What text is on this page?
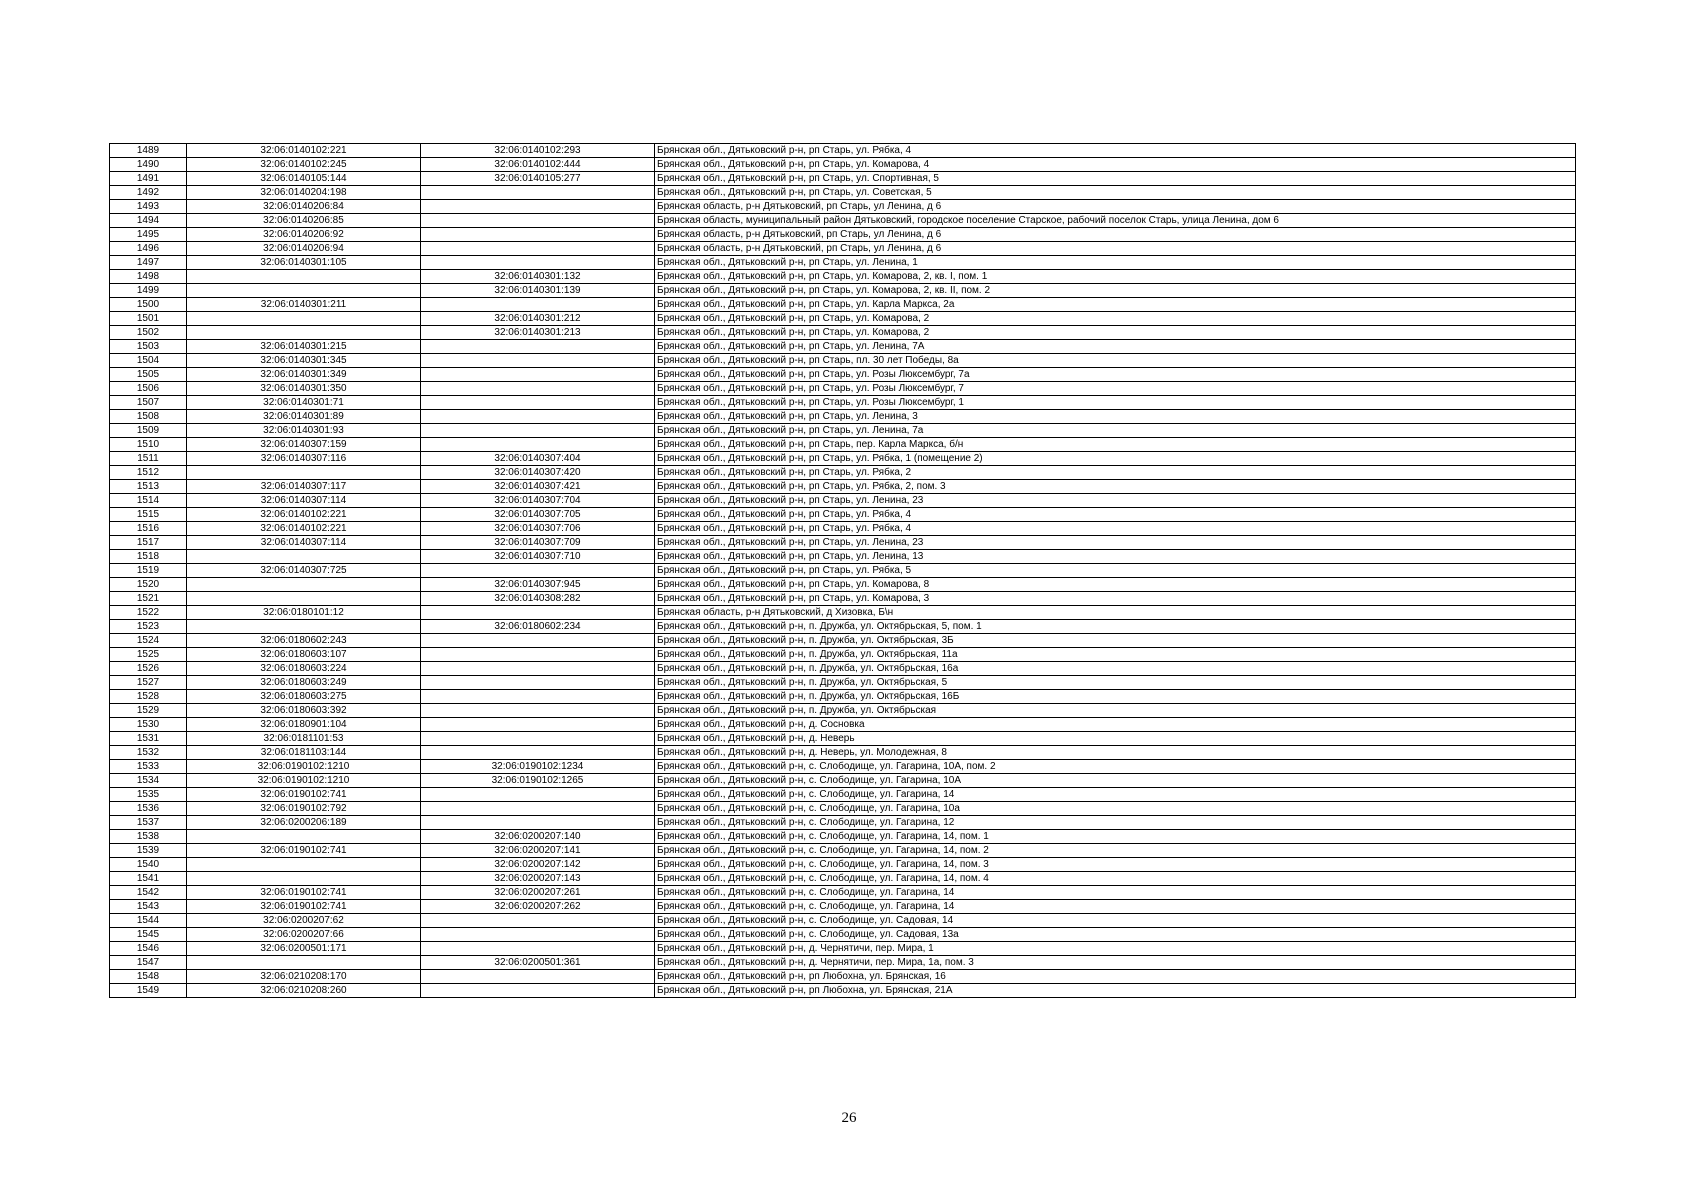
1489	32:06:0140102:221	32:06:0140102:293	Брянская обл., Дятьковский р-н, рп Старь, ул. Рябка, 4
1490	32:06:0140102:245	32:06:0140102:444	Брянская обл., Дятьковский р-н, рп Старь, ул. Комарова, 4
1491	32:06:0140105:144	32:06:0140105:277	Брянская обл., Дятьковский р-н, рп Старь, ул. Спортивная, 5
1492	32:06:0140204:198		Брянская обл., Дятьковский р-н, рп Старь, ул. Советская, 5
1493	32:06:0140206:84		Брянская область, р-н Дятьковский, рп Старь, ул Ленина, д 6
1494	32:06:0140206:85		Брянская область, муниципальный район Дятьковский, городское поселение Старское, рабочий поселок Старь, улица Ленина, дом 6
1495	32:06:0140206:92		Брянская область, р-н Дятьковский, рп Старь, ул Ленина, д 6
1496	32:06:0140206:94		Брянская область, р-н Дятьковский, рп Старь, ул Ленина, д 6
1497	32:06:0140301:105		Брянская обл., Дятьковский р-н, рп Старь, ул. Ленина, 1
1498		32:06:0140301:132	Брянская обл., Дятьковский р-н, рп Старь, ул. Комарова, 2, кв. I, пом. 1
1499		32:06:0140301:139	Брянская обл., Дятьковский р-н, рп Старь, ул. Комарова, 2, кв. II, пом. 2
1500	32:06:0140301:211		Брянская обл., Дятьковский р-н, рп Старь, ул. Карла Маркса, 2а
1501		32:06:0140301:212	Брянская обл., Дятьковский р-н, рп Старь, ул. Комарова, 2
1502		32:06:0140301:213	Брянская обл., Дятьковский р-н, рп Старь, ул. Комарова, 2
1503	32:06:0140301:215		Брянская обл., Дятьковский р-н, рп Старь, ул. Ленина, 7А
1504	32:06:0140301:345		Брянская обл., Дятьковский р-н, рп Старь, пл. 30 лет Победы, 8а
1505	32:06:0140301:349		Брянская обл., Дятьковский р-н, рп Старь, ул. Розы Люксембург, 7а
1506	32:06:0140301:350		Брянская обл., Дятьковский р-н, рп Старь, ул. Розы Люксембург, 7
1507	32:06:0140301:71		Брянская обл., Дятьковский р-н, рп Старь, ул. Розы Люксембург, 1
1508	32:06:0140301:89		Брянская обл., Дятьковский р-н, рп Старь, ул. Ленина, 3
1509	32:06:0140301:93		Брянская обл., Дятьковский р-н, рп Старь, ул. Ленина, 7а
1510	32:06:0140307:159		Брянская обл., Дятьковский р-н, рп Старь, пер. Карла Маркса, б/н
1511	32:06:0140307:116	32:06:0140307:404	Брянская обл., Дятьковский р-н, рп Старь, ул. Рябка, 1 (помещение 2)
1512		32:06:0140307:420	Брянская обл., Дятьковский р-н, рп Старь, ул. Рябка, 2
1513	32:06:0140307:117	32:06:0140307:421	Брянская обл., Дятьковский р-н, рп Старь, ул. Рябка, 2, пом. 3
1514	32:06:0140307:114	32:06:0140307:704	Брянская обл., Дятьковский р-н, рп Старь, ул. Ленина, 23
1515	32:06:0140102:221	32:06:0140307:705	Брянская обл., Дятьковский р-н, рп Старь, ул. Рябка, 4
1516	32:06:0140102:221	32:06:0140307:706	Брянская обл., Дятьковский р-н, рп Старь, ул. Рябка, 4
1517	32:06:0140307:114	32:06:0140307:709	Брянская обл., Дятьковский р-н, рп Старь, ул. Ленина, 23
1518		32:06:0140307:710	Брянская обл., Дятьковский р-н, рп Старь, ул. Ленина, 13
1519	32:06:0140307:725		Брянская обл., Дятьковский р-н, рп Старь, ул. Рябка, 5
1520		32:06:0140307:945	Брянская обл., Дятьковский р-н, рп Старь, ул. Комарова, 8
1521		32:06:0140308:282	Брянская обл., Дятьковский р-н, рп Старь, ул. Комарова, 3
1522	32:06:0180101:12		Брянская область, р-н Дятьковский, д Хизовка, Б\н
1523		32:06:0180602:234	Брянская обл., Дятьковский р-н, п. Дружба, ул. Октябрьская, 5, пом. 1
1524	32:06:0180602:243		Брянская обл., Дятьковский р-н, п. Дружба, ул. Октябрьская, 3Б
1525	32:06:0180603:107		Брянская обл., Дятьковский р-н, п. Дружба, ул. Октябрьская, 11а
1526	32:06:0180603:224		Брянская обл., Дятьковский р-н, п. Дружба, ул. Октябрьская, 16а
1527	32:06:0180603:249		Брянская обл., Дятьковский р-н, п. Дружба, ул. Октябрьская, 5
1528	32:06:0180603:275		Брянская обл., Дятьковский р-н, п. Дружба, ул. Октябрьская, 16Б
1529	32:06:0180603:392		Брянская обл., Дятьковский р-н, п. Дружба, ул. Октябрьская
1530	32:06:0180901:104		Брянская обл., Дятьковский р-н, д. Сосновка
1531	32:06:0181101:53		Брянская обл., Дятьковский р-н, д. Неверь
1532	32:06:0181103:144		Брянская обл., Дятьковский р-н, д. Неверь, ул. Молодежная, 8
1533	32:06:0190102:1210	32:06:0190102:1234	Брянская обл., Дятьковский р-н, с. Слободище, ул. Гагарина, 10А, пом. 2
1534	32:06:0190102:1210	32:06:0190102:1265	Брянская обл., Дятьковский р-н, с. Слободище, ул. Гагарина, 10А
1535	32:06:0190102:741		Брянская обл., Дятьковский р-н, с. Слободище, ул. Гагарина, 14
1536	32:06:0190102:792		Брянская обл., Дятьковский р-н, с. Слободище, ул. Гагарина, 10а
1537	32:06:0200206:189		Брянская обл., Дятьковский р-н, с. Слободище, ул. Гагарина, 12
1538		32:06:0200207:140	Брянская обл., Дятьковский р-н, с. Слободище, ул. Гагарина, 14, пом. 1
1539	32:06:0190102:741	32:06:0200207:141	Брянская обл., Дятьковский р-н, с. Слободище, ул. Гагарина, 14, пом. 2
1540		32:06:0200207:142	Брянская обл., Дятьковский р-н, с. Слободище, ул. Гагарина, 14, пом. 3
1541		32:06:0200207:143	Брянская обл., Дятьковский р-н, с. Слободище, ул. Гагарина, 14, пом. 4
1542	32:06:0190102:741	32:06:0200207:261	Брянская обл., Дятьковский р-н, с. Слободище, ул. Гагарина, 14
1543	32:06:0190102:741	32:06:0200207:262	Брянская обл., Дятьковский р-н, с. Слободище, ул. Гагарина, 14
1544	32:06:0200207:62		Брянская обл., Дятьковский р-н, с. Слободище, ул. Садовая, 14
1545	32:06:0200207:66		Брянская обл., Дятьковский р-н, с. Слободище, ул. Садовая, 13а
1546	32:06:0200501:171		Брянская обл., Дятьковский р-н, д. Чернятичи, пер. Мира, 1
1547		32:06:0200501:361	Брянская обл., Дятьковский р-н, д. Чернятичи, пер. Мира, 1а, пом. 3
1548	32:06:0210208:170		Брянская обл., Дятьковский р-н, рп Любохна, ул. Брянская, 16
1549	32:06:0210208:260		Брянская обл., Дятьковский р-н, рп Любохна, ул. Брянская, 21А
26
